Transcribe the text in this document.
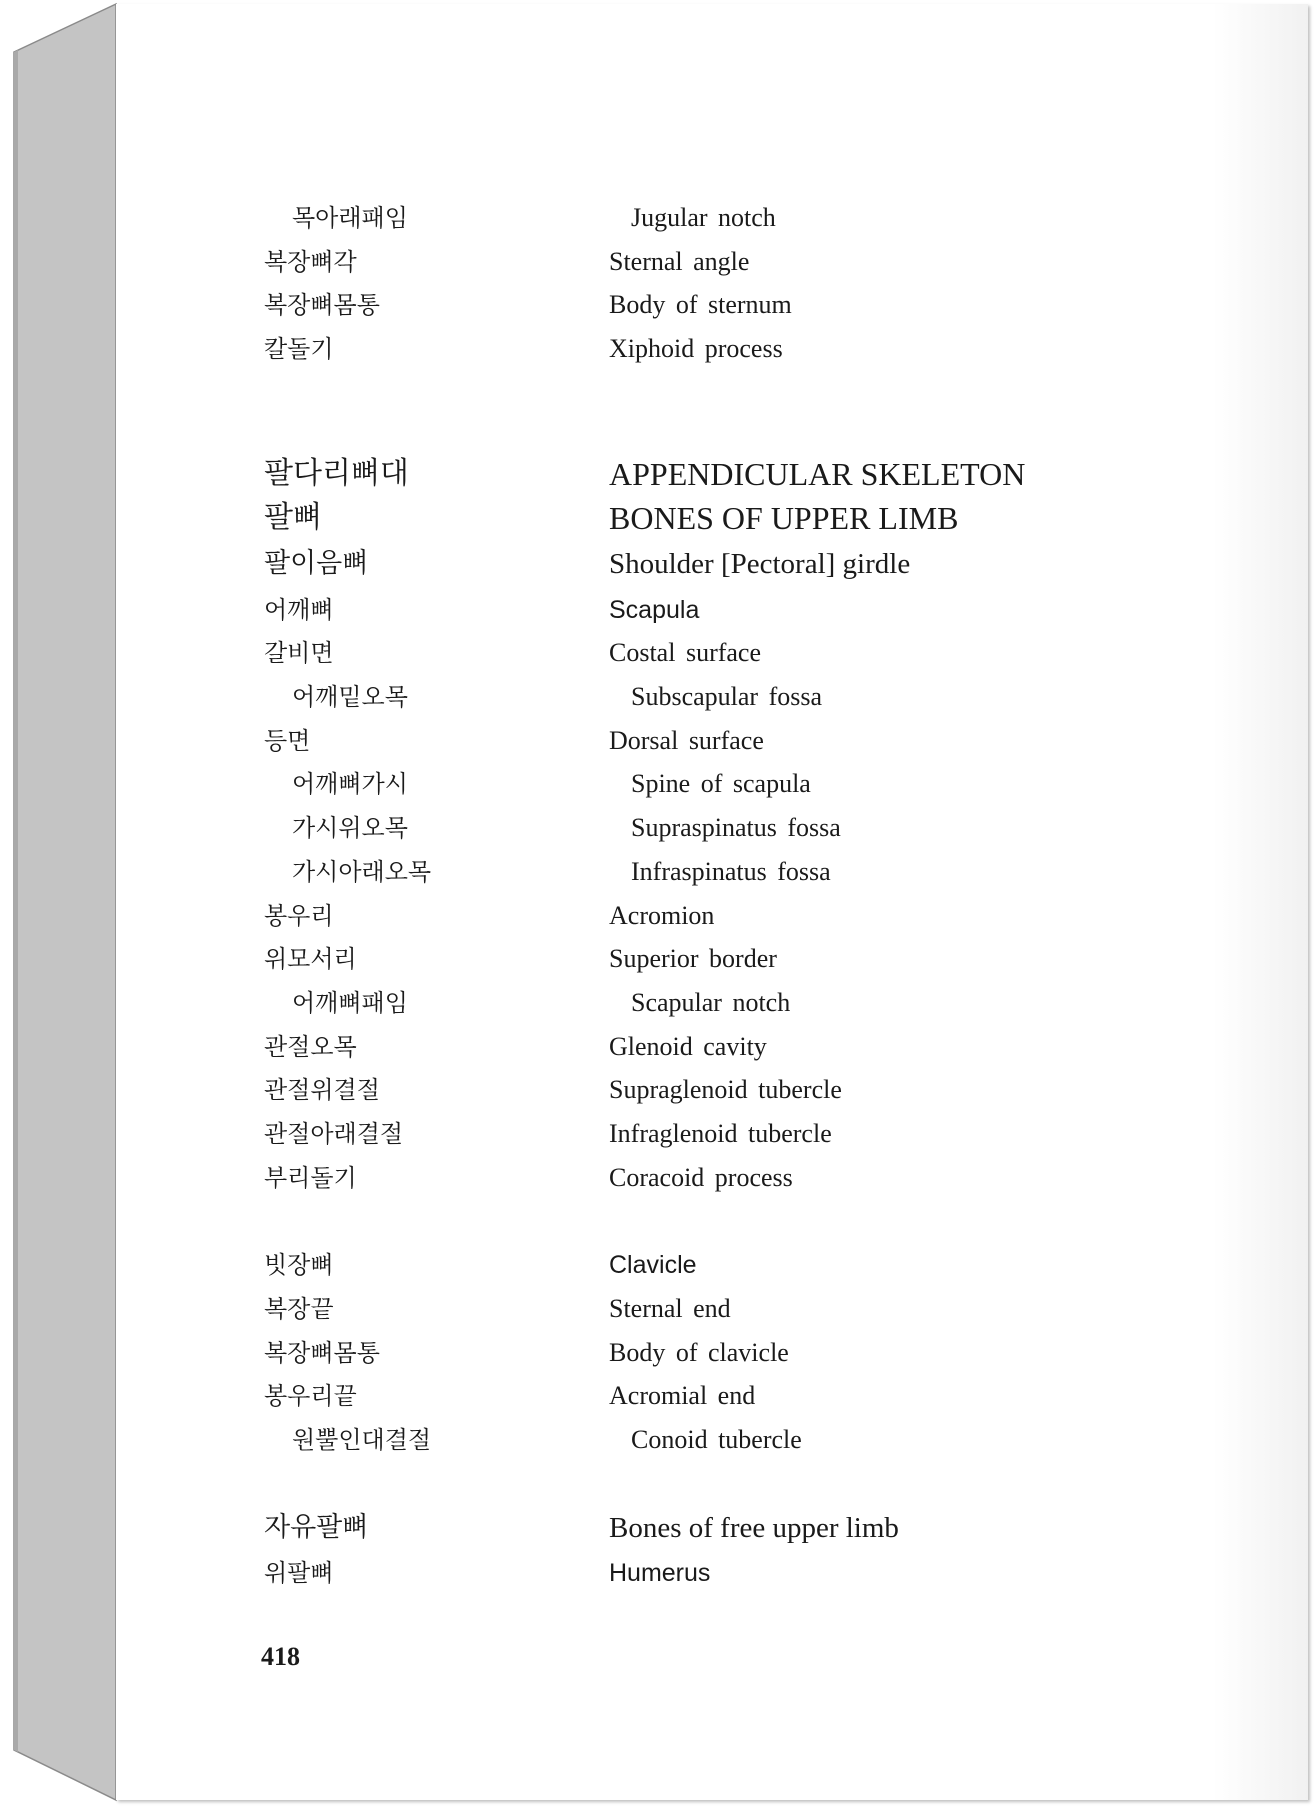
목아래패임	Jugular notch
복장뼈각	Sternal angle
복장뼈몸통	Body of sternum
칼돌기	Xiphoid process
팔다리뼈대	APPENDICULAR SKELETON
팔뼈	BONES OF UPPER LIMB
팔이음뼈	Shoulder [Pectoral] girdle
어깨뼈	Scapula
갈비면	Costal surface
어깨밑오목	Subscapular fossa
등면	Dorsal surface
어깨뼈가시	Spine of scapula
가시위오목	Supraspinatus fossa
가시아래오목	Infraspinatus fossa
봉우리	Acromion
위모서리	Superior border
어깨뼈패임	Scapular notch
관절오목	Glenoid cavity
관절위결절	Supraglenoid tubercle
관절아래결절	Infraglenoid tubercle
부리돌기	Coracoid process
빗장뼈	Clavicle
복장끝	Sternal end
복장뼈몸통	Body of clavicle
봉우리끝	Acromial end
원뿔인대결절	Conoid tubercle
자유팔뼈	Bones of free upper limb
위팔뼈	Humerus
418
